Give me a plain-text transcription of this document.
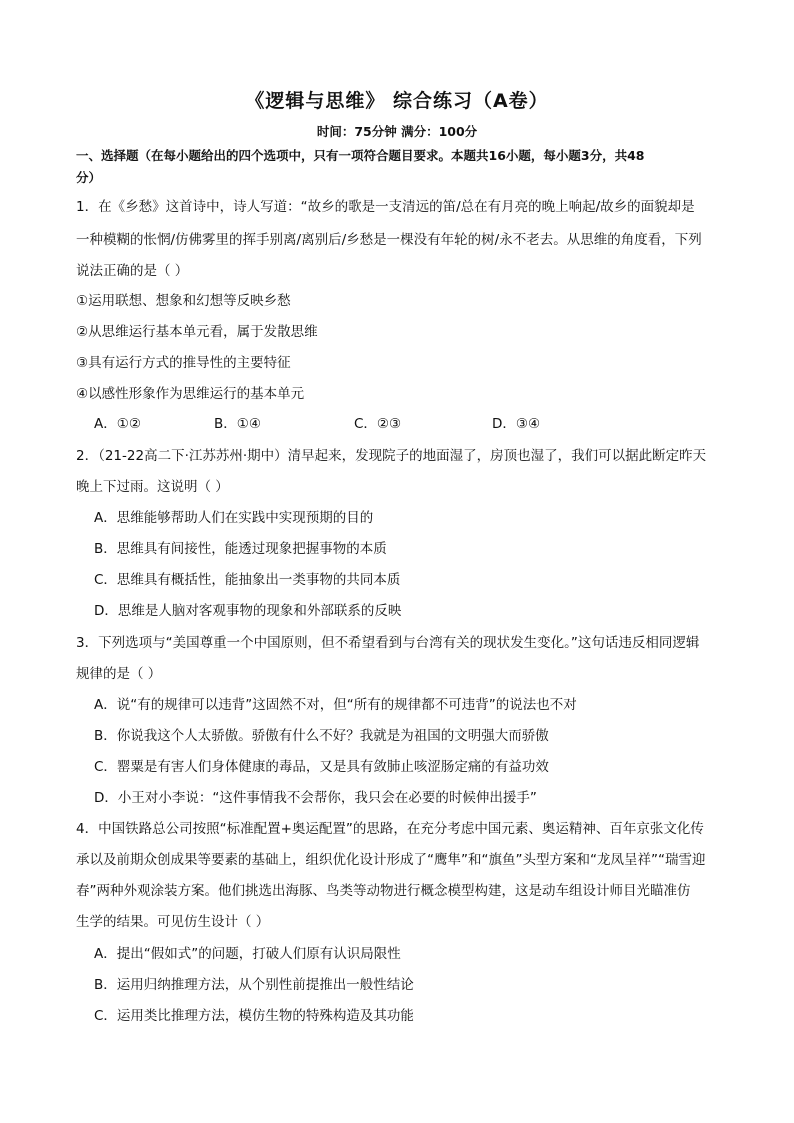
《逻辑与思维》 综合练习（A卷）
时间：75分钟 满分：100分
一、选择题（在每小题给出的四个选项中，只有一项符合题目要求。本题共16小题，每小题3分，共48
分）
1．在《乡愁》这首诗中，诗人写道：“故乡的歌是一支清远的笛/总在有月亮的晚上响起/故乡的面貌却是
一种模糊的怅惘/仿佛雾里的挥手别离/离别后/乡愁是一棵没有年轮的树/永不老去。从思维的角度看，下列
说法正确的是（ ）
①运用联想、想象和幻想等反映乡愁
②从思维运行基本单元看，属于发散思维
③具有运行方式的推导性的主要特征
④以感性形象作为思维运行的基本单元
A．①②	B．①④	C．②③	D．③④
2．（21-22高二下·江苏苏州·期中）清早起来，发现院子的地面湿了，房顶也湿了，我们可以据此断定昨天
晚上下过雨。这说明（ ）
A．思维能够帮助人们在实践中实现预期的目的
B．思维具有间接性，能透过现象把握事物的本质
C．思维具有概括性，能抽象出一类事物的共同本质
D．思维是人脑对客观事物的现象和外部联系的反映
3．下列选项与“美国尊重一个中国原则，但不希望看到与台湾有关的现状发生变化。”这句话违反相同逻辑
规律的是（ ）
A．说“有的规律可以违背”这固然不对，但“所有的规律都不可违背”的说法也不对
B．你说我这个人太骄傲。骄傲有什么不好？我就是为祖国的文明强大而骄傲
C．罂粟是有害人们身体健康的毒品，又是具有敛肺止咳涩肠定痛的有益功效
D．小王对小李说：“这件事情我不会帮你，我只会在必要的时候伸出援手”
4．中国铁路总公司按照“标准配置+奥运配置”的思路，在充分考虑中国元素、奥运精神、百年京张文化传
承以及前期众创成果等要素的基础上，组织优化设计形成了“鹰隼”和“旗鱼”头型方案和“龙凤呈祥”“瑞雪迎
春”两种外观涂装方案。他们挑选出海豚、鸟类等动物进行概念模型构建，这是动车组设计师目光瞄准仿
生学的结果。可见仿生设计（ ）
A．提出“假如式”的问题，打破人们原有认识局限性
B．运用归纳推理方法，从个别性前提推出一般性结论
C．运用类比推理方法，模仿生物的特殊构造及其功能
